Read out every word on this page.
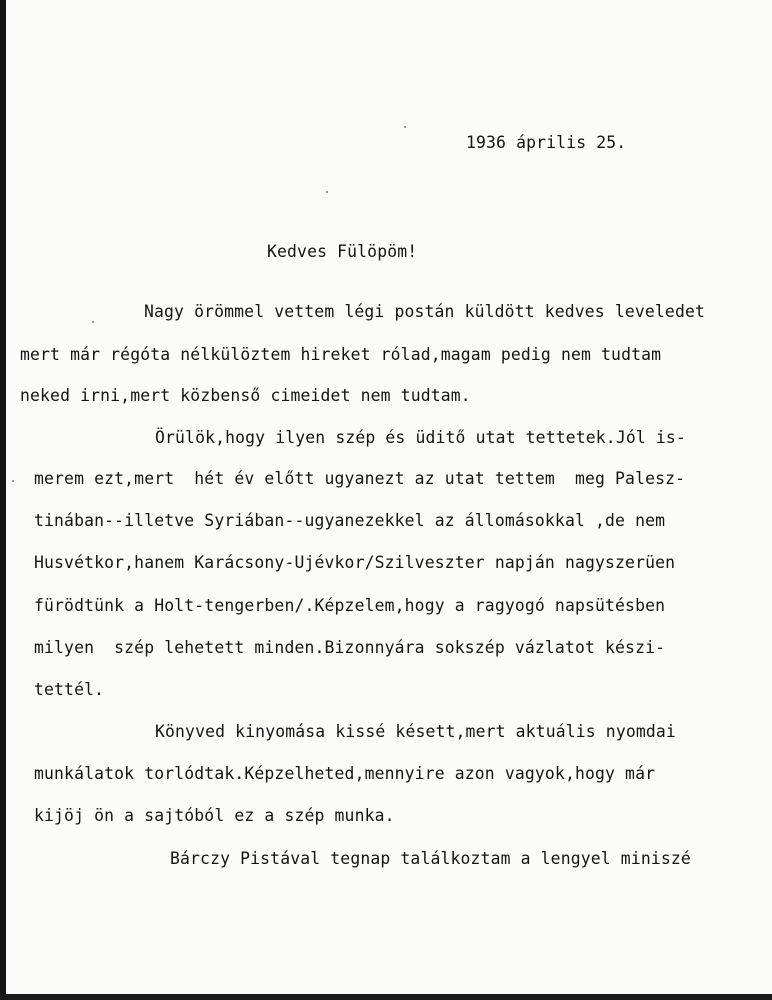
1936 április 25.
Kedves Fülöpöm!
Nagy örömmel vettem légi postán küldött kedves leveledet
mert már régóta nélkülöztem hireket rólad,magam pedig nem tudtam
neked irni,mert közbenső cimeidet nem tudtam.
Örülök,hogy ilyen szép és üditő utat tettetek.Jól is-
merem ezt,mert  hét év előtt ugyanezt az utat tettem  meg Palesz-
tinában--illetve Syriában--ugyanezekkel az állomásokkal ,de nem
Husvétkor,hanem Karácsony-Ujévkor/Szilveszter napján nagyszerüen
fürödtünk a Holt-tengerben/.Képzelem,hogy a ragyogó napsütésben
milyen  szép lehetett minden.Bizonnyára sokszép vázlatot készi-
tettél.
Könyved kinyomása kissé késett,mert aktuális nyomdai
munkálatok torlódtak.Képzelheted,mennyire azon vagyok,hogy már
kijöj ön a sajtóból ez a szép munka.
Bárczy Pistával tegnap találkoztam a lengyel miniszé
